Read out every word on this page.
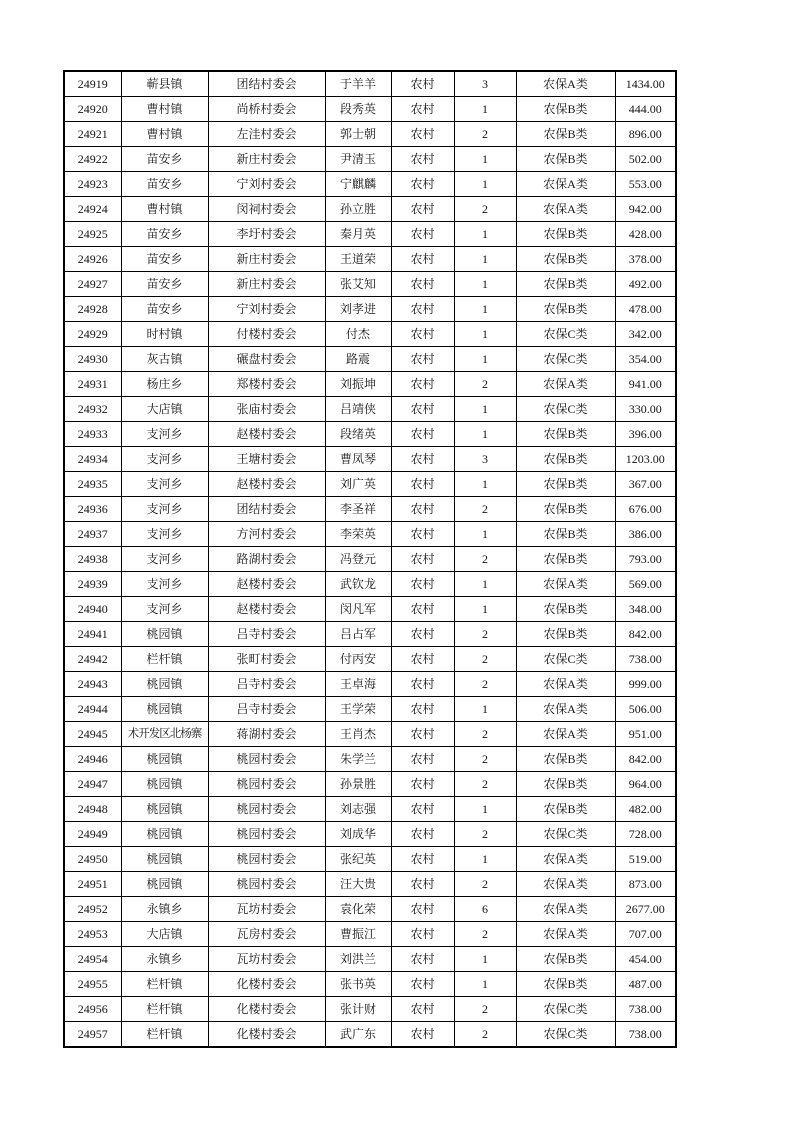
24919	蕲县镇	团结村委会	于羊羊	农村	3	农保A类	1434.00
24920	曹村镇	尚桥村委会	段秀英	农村	1	农保B类	444.00
24921	曹村镇	左洼村委会	郭士朝	农村	2	农保B类	896.00
24922	苗安乡	新庄村委会	尹清玉	农村	1	农保B类	502.00
24923	苗安乡	宁刘村委会	宁麒麟	农村	1	农保A类	553.00
24924	曹村镇	闵祠村委会	孙立胜	农村	2	农保A类	942.00
24925	苗安乡	李圩村委会	秦月英	农村	1	农保B类	428.00
24926	苗安乡	新庄村委会	王道荣	农村	1	农保B类	378.00
24927	苗安乡	新庄村委会	张艾知	农村	1	农保B类	492.00
24928	苗安乡	宁刘村委会	刘孝进	农村	1	农保B类	478.00
24929	时村镇	付楼村委会	付杰	农村	1	农保C类	342.00
24930	灰古镇	碾盘村委会	路震	农村	1	农保C类	354.00
24931	杨庄乡	郑楼村委会	刘振坤	农村	2	农保A类	941.00
24932	大店镇	张庙村委会	吕靖侠	农村	1	农保C类	330.00
24933	支河乡	赵楼村委会	段绪英	农村	1	农保B类	396.00
24934	支河乡	王塘村委会	曹凤琴	农村	3	农保B类	1203.00
24935	支河乡	赵楼村委会	刘广英	农村	1	农保B类	367.00
24936	支河乡	团结村委会	李圣祥	农村	2	农保B类	676.00
24937	支河乡	方河村委会	李荣英	农村	1	农保B类	386.00
24938	支河乡	路湖村委会	冯登元	农村	2	农保B类	793.00
24939	支河乡	赵楼村委会	武钦龙	农村	1	农保A类	569.00
24940	支河乡	赵楼村委会	闵凡军	农村	1	农保B类	348.00
24941	桃园镇	吕寺村委会	吕占军	农村	2	农保B类	842.00
24942	栏杆镇	张町村委会	付丙安	农村	2	农保C类	738.00
24943	桃园镇	吕寺村委会	王卓海	农村	2	农保A类	999.00
24944	桃园镇	吕寺村委会	王学荣	农村	1	农保A类	506.00
24945	术开发区北杨寨	蒋湖村委会	王肖杰	农村	2	农保A类	951.00
24946	桃园镇	桃园村委会	朱学兰	农村	2	农保B类	842.00
24947	桃园镇	桃园村委会	孙景胜	农村	2	农保B类	964.00
24948	桃园镇	桃园村委会	刘志强	农村	1	农保B类	482.00
24949	桃园镇	桃园村委会	刘成华	农村	2	农保C类	728.00
24950	桃园镇	桃园村委会	张纪英	农村	1	农保A类	519.00
24951	桃园镇	桃园村委会	汪大贵	农村	2	农保A类	873.00
24952	永镇乡	瓦坊村委会	袁化荣	农村	6	农保A类	2677.00
24953	大店镇	瓦房村委会	曹振江	农村	2	农保A类	707.00
24954	永镇乡	瓦坊村委会	刘洪兰	农村	1	农保B类	454.00
24955	栏杆镇	化楼村委会	张书英	农村	1	农保B类	487.00
24956	栏杆镇	化楼村委会	张计财	农村	2	农保C类	738.00
24957	栏杆镇	化楼村委会	武广东	农村	2	农保C类	738.00
